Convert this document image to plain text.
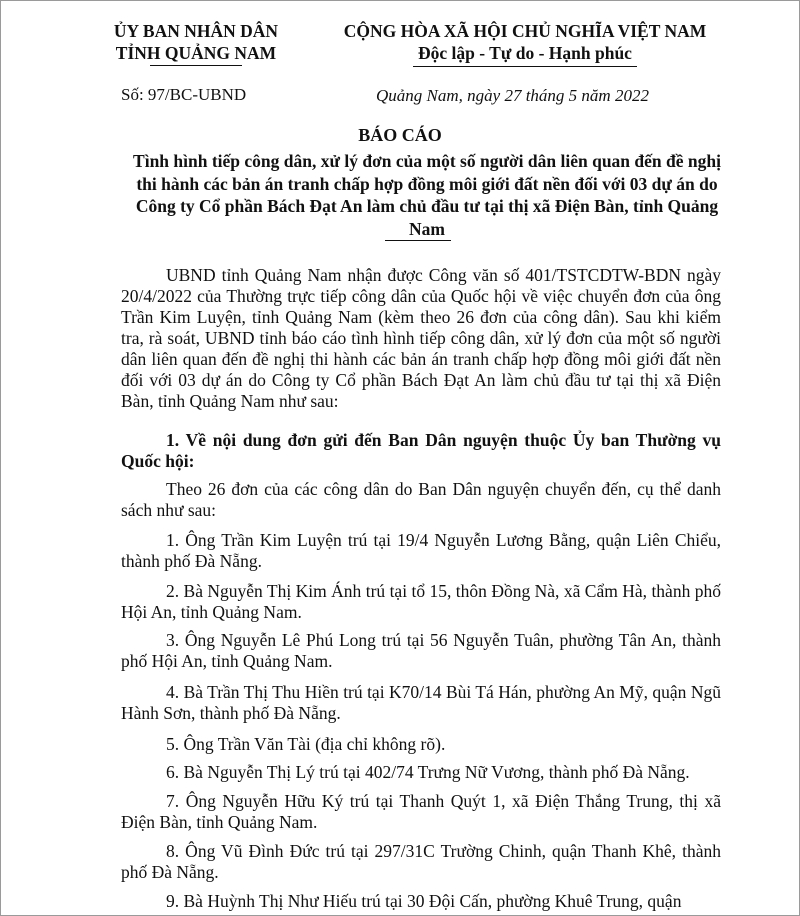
ỦY BAN NHÂN DÂN
TỈNH QUẢNG NAM
CỘNG HÒA XÃ HỘI CHỦ NGHĨA VIỆT NAM
Độc lập - Tự do - Hạnh phúc
Số: 97/BC-UBND	Quảng Nam, ngày 27 tháng 5 năm 2022
BÁO CÁO
Tình hình tiếp công dân, xử lý đơn của một số người dân liên quan đến đề nghị thi hành các bản án tranh chấp hợp đồng môi giới đất nền đối với 03 dự án do Công ty Cổ phần Bách Đạt An làm chủ đầu tư tại thị xã Điện Bàn, tỉnh Quảng Nam

UBND tỉnh Quảng Nam nhận được Công văn số 401/TSTCDTW-BDN ngày 20/4/2022 của Thường trực tiếp công dân của Quốc hội về việc chuyển đơn của ông Trần Kim Luyện, tỉnh Quảng Nam (kèm theo 26 đơn của công dân). Sau khi kiểm tra, rà soát, UBND tỉnh báo cáo tình hình tiếp công dân, xử lý đơn của một số người dân liên quan đến đề nghị thi hành các bản án tranh chấp hợp đồng môi giới đất nền đối với 03 dự án do Công ty Cổ phần Bách Đạt An làm chủ đầu tư tại thị xã Điện Bàn, tỉnh Quảng Nam như sau:

1. Về nội dung đơn gửi đến Ban Dân nguyện thuộc Ủy ban Thường vụ Quốc hội:

Theo 26 đơn của các công dân do Ban Dân nguyện chuyển đến, cụ thể danh sách như sau:

1. Ông Trần Kim Luyện trú tại 19/4 Nguyễn Lương Bằng, quận Liên Chiểu, thành phố Đà Nẵng.

2. Bà Nguyễn Thị Kim Ánh trú tại tổ 15, thôn Đồng Nà, xã Cẩm Hà, thành phố Hội An, tỉnh Quảng Nam.

3. Ông Nguyễn Lê Phú Long trú tại 56 Nguyễn Tuân, phường Tân An, thành phố Hội An, tỉnh Quảng Nam.

4. Bà Trần Thị Thu Hiền trú tại K70/14 Bùi Tá Hán, phường An Mỹ, quận Ngũ Hành Sơn, thành phố Đà Nẵng.

5. Ông Trần Văn Tài (địa chỉ không rõ).

6. Bà Nguyễn Thị Lý trú tại 402/74 Trưng Nữ Vương, thành phố Đà Nẵng.

7. Ông Nguyễn Hữu Ký trú tại Thanh Quýt 1, xã Điện Thắng Trung, thị xã Điện Bàn, tỉnh Quảng Nam.

8. Ông Vũ Đình Đức trú tại 297/31C Trường Chinh, quận Thanh Khê, thành phố Đà Nẵng.

9. Bà Huỳnh Thị Như Hiếu trú tại 30 Đội Cấn, phường Khuê Trung, quận
